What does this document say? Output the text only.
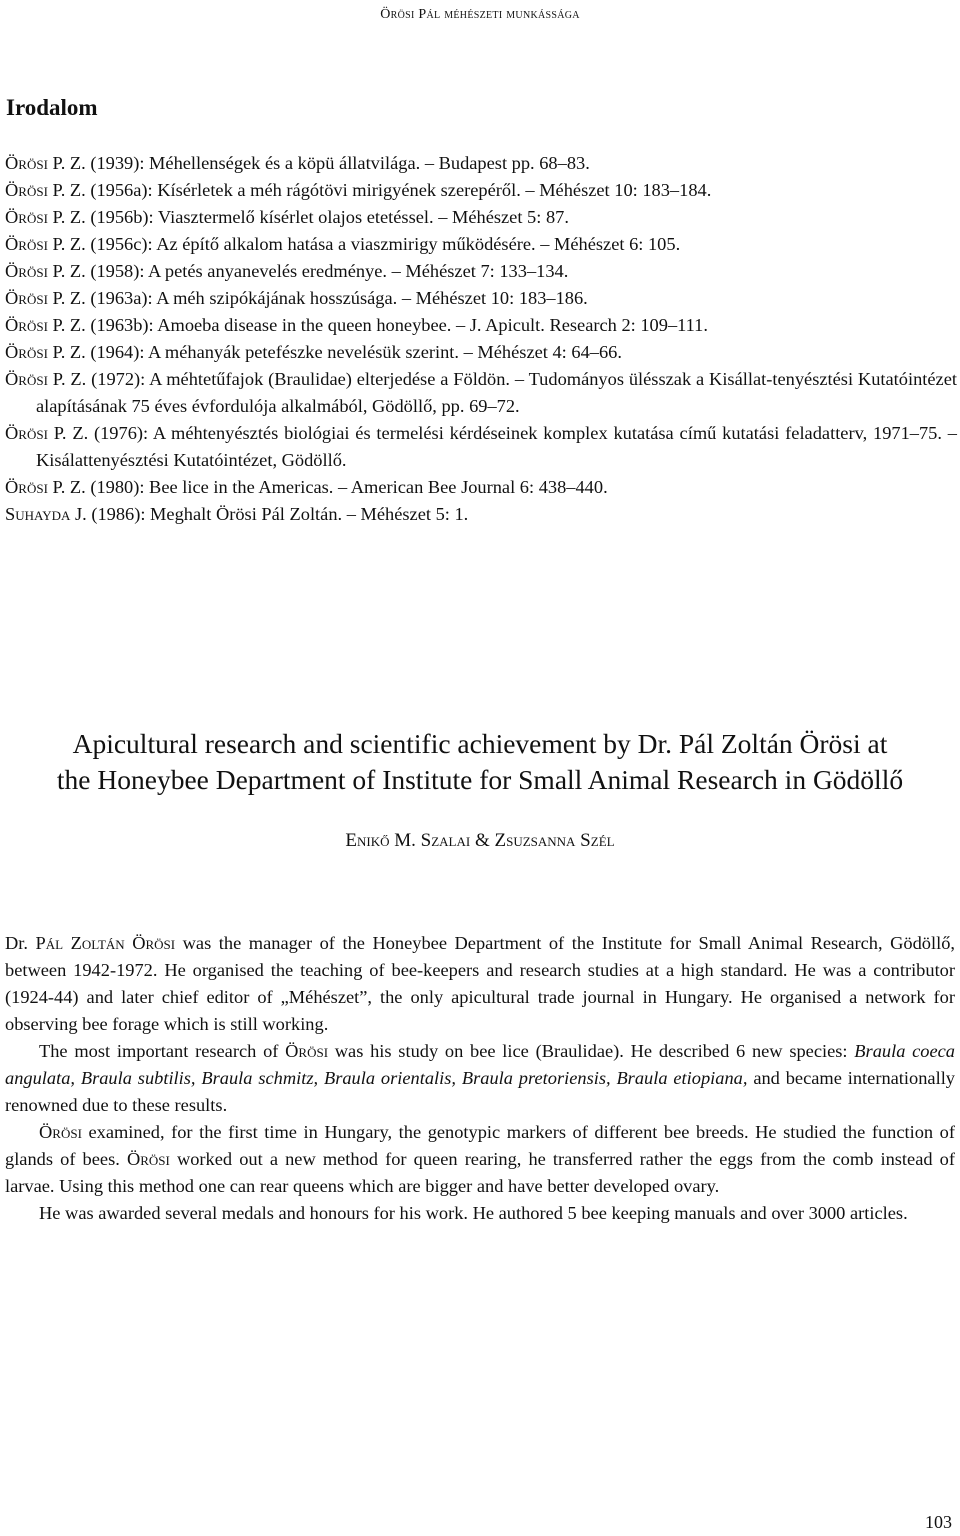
Örösi Pál méhészeti munkássága
Irodalom

Örösi P. Z. (1939): Méhellenségek és a köpü állatvilága. – Budapest pp. 68–83.

Örösi P. Z. (1956a): Kísérletek a méh rágótövi mirigyének szerepéről. – Méhészet 10: 183–184.

Örösi P. Z. (1956b): Viasztermelő kísérlet olajos etetéssel. – Méhészet 5: 87.

Örösi P. Z. (1956c): Az építő alkalom hatása a viaszmirigy működésére. – Méhészet 6: 105.

Örösi P. Z. (1958): A petés anyanevelés eredménye. – Méhészet 7: 133–134.

Örösi P. Z. (1963a): A méh szipókájának hosszúsága. – Méhészet 10: 183–186.

Örösi P. Z. (1963b): Amoeba disease in the queen honeybee. – J. Apicult. Research 2: 109–111.

Örösi P. Z. (1964): A méhanyák petefészke nevelésük szerint. – Méhészet 4: 64–66.

Örösi P. Z. (1972): A méhtetűfajok (Braulidae) elterjedése a Földön. – Tudományos ülésszak a Kisállat-tenyésztési Kutatóintézet alapításának 75 éves évfordulója alkalmából, Gödöllő, pp. 69–72.

Örösi P. Z. (1976): A méhtenyésztés biológiai és termelési kérdéseinek komplex kutatása című kutatási feladatterv, 1971–75. – Kisálattenyésztési Kutatóintézet, Gödöllő.

Örösi P. Z. (1980): Bee lice in the Americas. – American Bee Journal 6: 438–440.

Suhayda J. (1986): Meghalt Örösi Pál Zoltán. – Méhészet 5: 1.

Apicultural research and scientific achievement by Dr. Pál Zoltán Örösi at
the Honeybee Department of Institute for Small Animal Research in Gödöllő
Enikő M. Szalai & Zsuzsanna Szél

Dr. Pál Zoltán Örösi was the manager of the Honeybee Department of the Institute for Small Animal Research, Gödöllő, between 1942-1972. He organised the teaching of bee-keepers and research studies at a high standard. He was a contributor (1924-44) and later chief editor of „Méhészet”, the only apicultural trade journal in Hungary. He organised a network for observing bee forage which is still working.

The most important research of Örösi was his study on bee lice (Braulidae). He described 6 new species: Braula coeca angulata, Braula subtilis, Braula schmitz, Braula orientalis, Braula pretoriensis, Braula etiopiana, and became internationally renowned due to these results.

Örösi examined, for the first time in Hungary, the genotypic markers of different bee breeds. He studied the function of glands of bees. Örösi worked out a new method for queen rearing, he transferred rather the eggs from the comb instead of larvae. Using this method one can rear queens which are bigger and have better developed ovary.

He was awarded several medals and honours for his work. He authored 5 bee keeping manuals and over 3000 articles.

103
